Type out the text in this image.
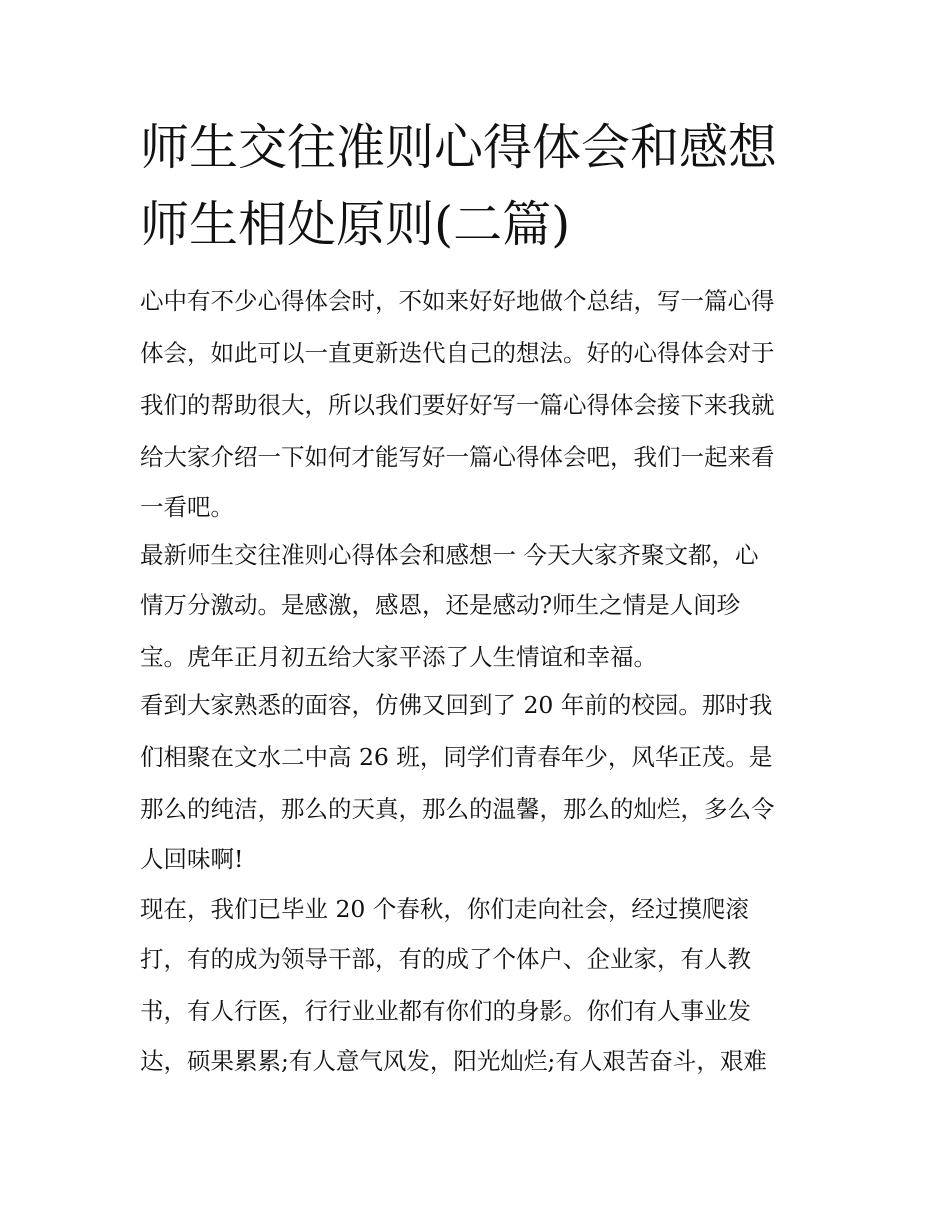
师生交往准则心得体会和感想
师生相处原则(二篇)
心中有不少心得体会时，不如来好好地做个总结，写一篇心得
体会，如此可以一直更新迭代自己的想法。好的心得体会对于
我们的帮助很大，所以我们要好好写一篇心得体会接下来我就
给大家介绍一下如何才能写好一篇心得体会吧，我们一起来看
一看吧。
最新师生交往准则心得体会和感想一 今天大家齐聚文都，心
情万分激动。是感激，感恩，还是感动?师生之情是人间珍
宝。虎年正月初五给大家平添了人生情谊和幸福。
看到大家熟悉的面容，仿佛又回到了 20 年前的校园。那时我
们相聚在文水二中高 26 班，同学们青春年少，风华正茂。是
那么的纯洁，那么的天真，那么的温馨，那么的灿烂，多么令
人回味啊!
现在，我们已毕业 20 个春秋，你们走向社会，经过摸爬滚
打，有的成为领导干部，有的成了个体户、企业家，有人教
书，有人行医，行行业业都有你们的身影。你们有人事业发
达，硕果累累;有人意气风发，阳光灿烂;有人艰苦奋斗，艰难
